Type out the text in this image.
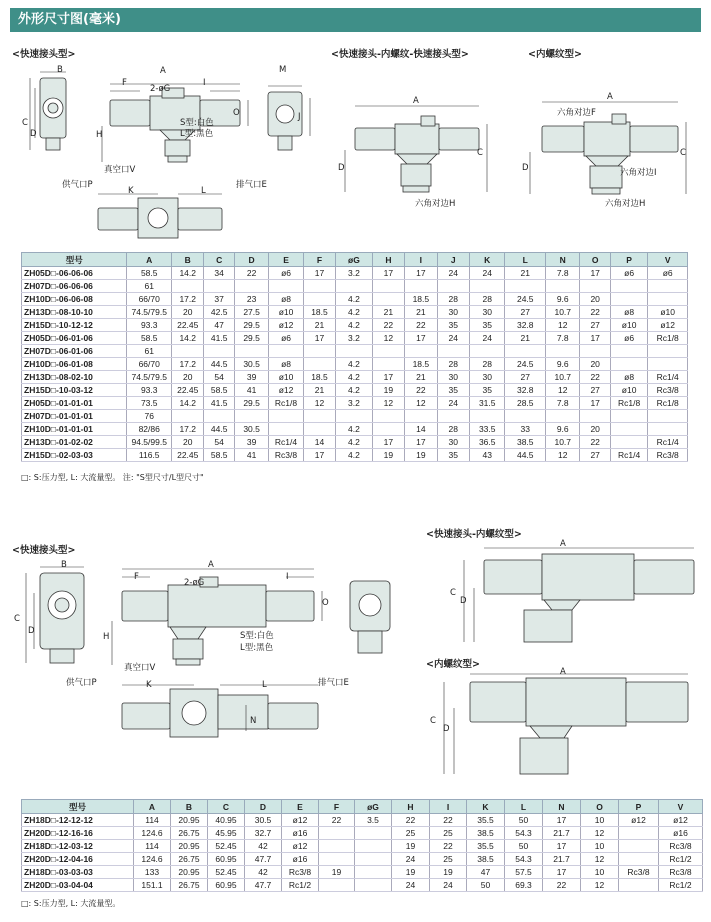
外形尺寸图(毫米)
<快速接头型>	<快速接头-内螺纹-快速接头型>	<内螺纹型>
B
C
D
A
F
2-øG
I
H
O
M
J
S型:白色
L型:黑色
真空口V
供气口P	排气口E
K	L
A
D
C
六角对边H
A
六角对边F
D
C
六角对边I
六角对边H
型号	A	B	C	D	E	F	øG	H	I	J	K	L	N	O	P	V
ZH05D□-06-06-06	58.5	14.2	34	22	ø6	17	3.2	17	17	24	24	21	7.8	17	ø6	ø6
ZH07D□-06-06-06	61															
ZH10D□-06-06-08	66/70	17.2	37	23	ø8		4.2		18.5	28	28	24.5	9.6	20		
ZH13D□-08-10-10	74.5/79.5	20	42.5	27.5	ø10	18.5	4.2	21	21	30	30	27	10.7	22	ø8	ø10
ZH15D□-10-12-12	93.3	22.45	47	29.5	ø12	21	4.2	22	22	35	35	32.8	12	27	ø10	ø12
ZH05D□-06-01-06	58.5	14.2	41.5	29.5	ø6	17	3.2	12	17	24	24	21	7.8	17	ø6	Rc1/8
ZH07D□-06-01-06	61															
ZH10D□-06-01-08	66/70	17.2	44.5	30.5	ø8		4.2		18.5	28	28	24.5	9.6	20		
ZH13D□-08-02-10	74.5/79.5	20	54	39	ø10	18.5	4.2	17	21	30	30	27	10.7	22	ø8	Rc1/4
ZH15D□-10-03-12	93.3	22.45	58.5	41	ø12	21	4.2	19	22	35	35	32.8	12	27	ø10	Rc3/8
ZH05D□-01-01-01	73.5	14.2	41.5	29.5	Rc1/8	12	3.2	12	12	24	31.5	28.5	7.8	17	Rc1/8	Rc1/8
ZH07D□-01-01-01	76															
ZH10D□-01-01-01	82/86	17.2	44.5	30.5			4.2		14	28	33.5	33	9.6	20		
ZH13D□-01-02-02	94.5/99.5	20	54	39	Rc1/4	14	4.2	17	17	30	36.5	38.5	10.7	22		Rc1/4
ZH15D□-02-03-03	116.5	22.45	58.5	41	Rc3/8	17	4.2	19	19	35	43	44.5	12	27	Rc1/4	Rc3/8
□: S:压力型, L: 大流量型。 注: "S型尺寸/L型尺寸"
<快速接头型>
<快速接头-内螺纹型>
<内螺纹型>
B
C
D
A
F
2-øG
I
H
O
S型:白色
L型:黑色
真空口V
供气口P	排气口E
K	L
N
A
C
D
A
C
D
型号	A	B	C	D	E	F	øG	H	I	K	L	N	O	P	V
ZH18D□-12-12-12	114	20.95	40.95	30.5	ø12	22	3.5	22	22	35.5	50	17	10	ø12	ø12
ZH20D□-12-16-16	124.6	26.75	45.95	32.7	ø16			25	25	38.5	54.3	21.7	12		ø16
ZH18D□-12-03-12	114	20.95	52.45	42	ø12			19	22	35.5	50	17	10		Rc3/8
ZH20D□-12-04-16	124.6	26.75	60.95	47.7	ø16			24	25	38.5	54.3	21.7	12		Rc1/2
ZH18D□-03-03-03	133	20.95	52.45	42	Rc3/8	19		19	19	47	57.5	17	10	Rc3/8	Rc3/8
ZH20D□-03-04-04	151.1	26.75	60.95	47.7	Rc1/2			24	24	50	69.3	22	12		Rc1/2
□: S:压力型, L: 大流量型。
